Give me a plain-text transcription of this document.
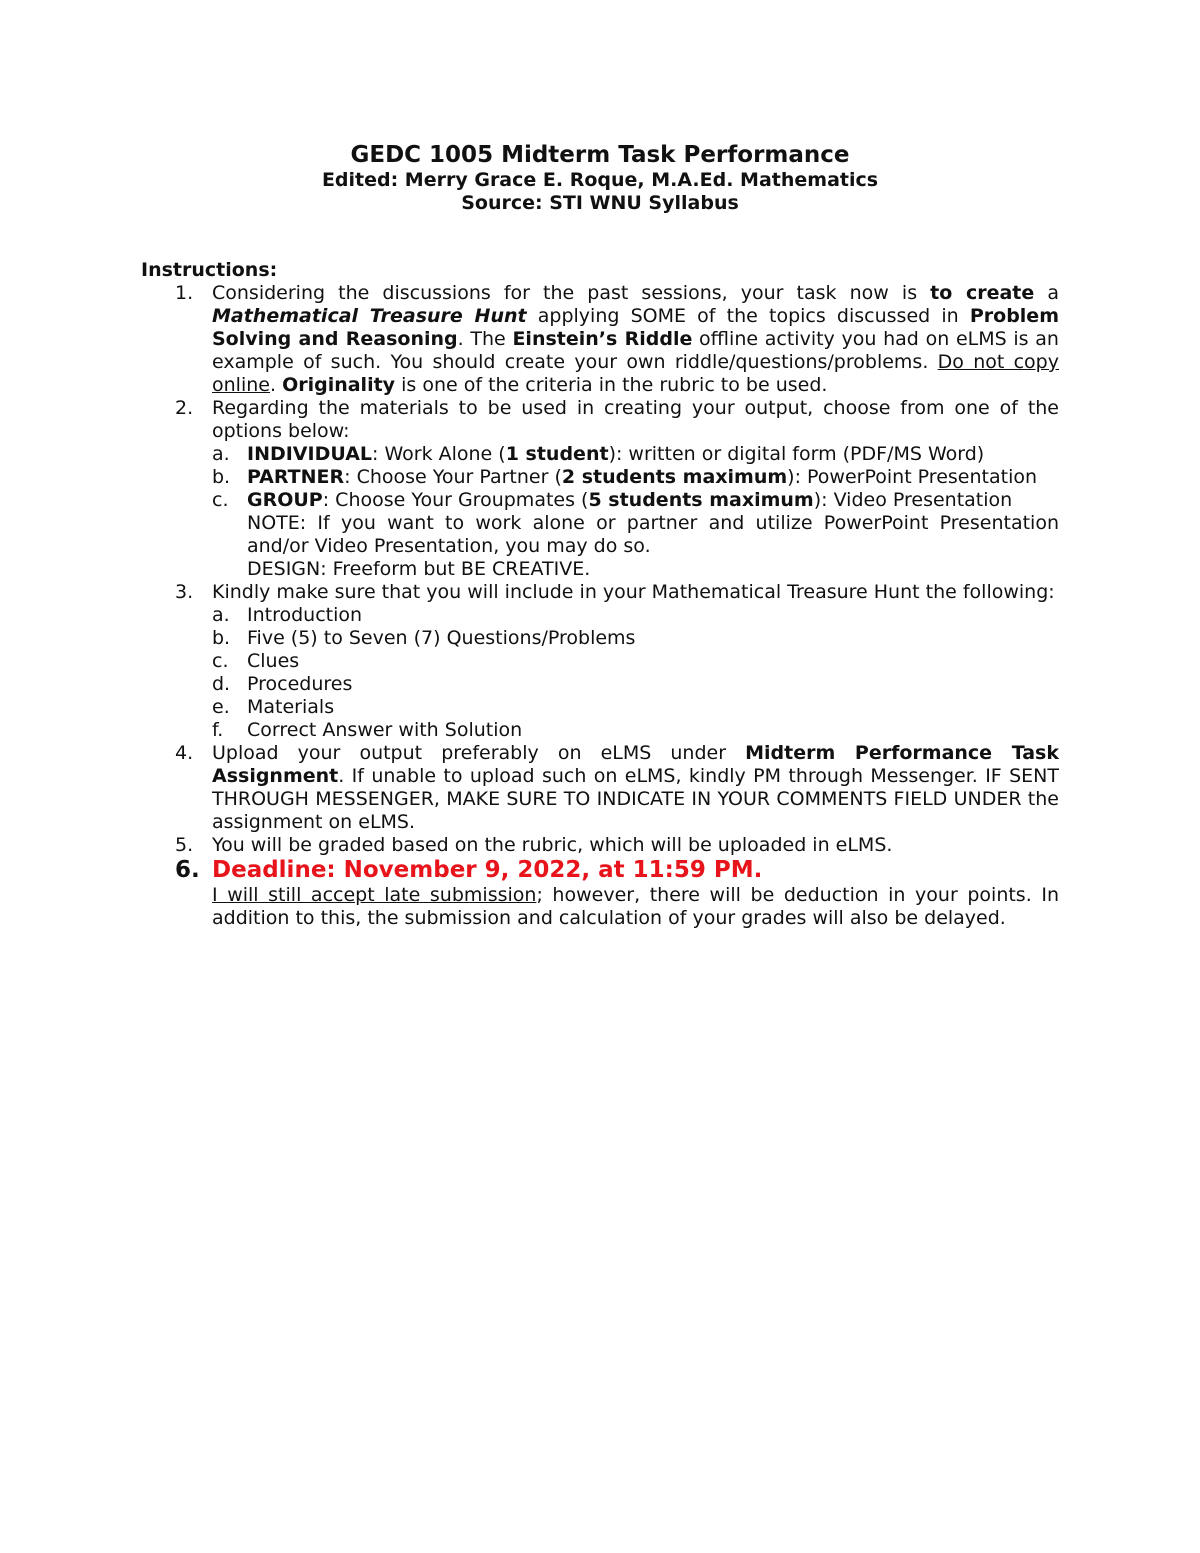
GEDC 1005 Midterm Task Performance
Edited: Merry Grace E. Roque, M.A.Ed. Mathematics
Source: STI WNU Syllabus
Instructions:
1. Considering the discussions for the past sessions, your task now is to create a Mathematical Treasure Hunt applying SOME of the topics discussed in Problem Solving and Reasoning. The Einstein’s Riddle offline activity you had on eLMS is an example of such. You should create your own riddle/questions/problems. Do not copy online. Originality is one of the criteria in the rubric to be used.
2. Regarding the materials to be used in creating your output, choose from one of the options below:
a. INDIVIDUAL: Work Alone (1 student): written or digital form (PDF/MS Word)
b. PARTNER: Choose Your Partner (2 students maximum): PowerPoint Presentation
c. GROUP: Choose Your Groupmates (5 students maximum): Video Presentation
NOTE: If you want to work alone or partner and utilize PowerPoint Presentation and/or Video Presentation, you may do so.
DESIGN: Freeform but BE CREATIVE.
3. Kindly make sure that you will include in your Mathematical Treasure Hunt the following:
a. Introduction
b. Five (5) to Seven (7) Questions/Problems
c. Clues
d. Procedures
e. Materials
f. Correct Answer with Solution
4. Upload your output preferably on eLMS under Midterm Performance Task Assignment. If unable to upload such on eLMS, kindly PM through Messenger. IF SENT THROUGH MESSENGER, MAKE SURE TO INDICATE IN YOUR COMMENTS FIELD UNDER the assignment on eLMS.
5. You will be graded based on the rubric, which will be uploaded in eLMS.
6. Deadline: November 9, 2022, at 11:59 PM.
I will still accept late submission; however, there will be deduction in your points. In addition to this, the submission and calculation of your grades will also be delayed.
